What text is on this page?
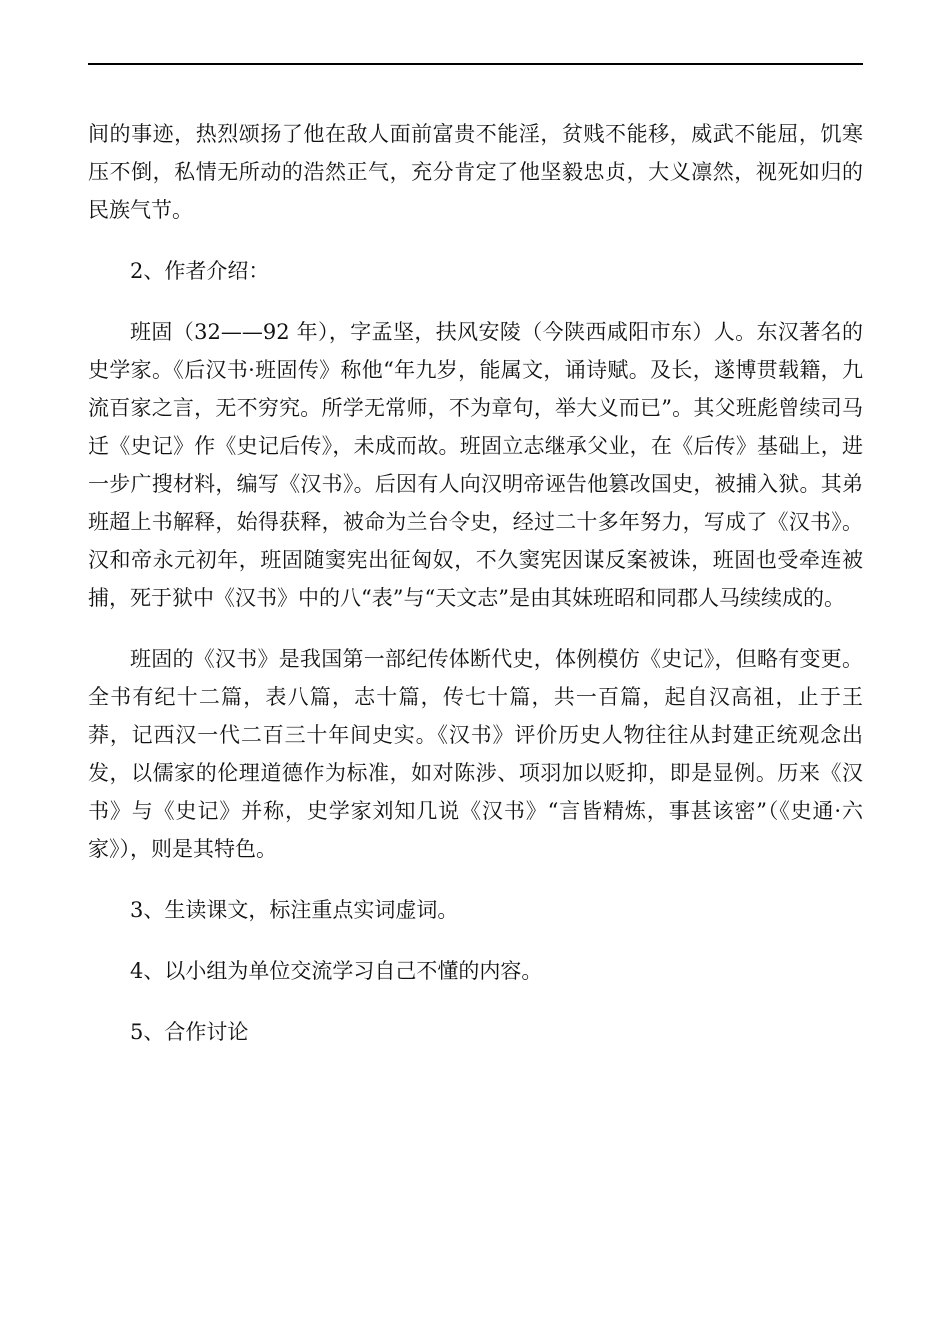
间的事迹，热烈颂扬了他在敌人面前富贵不能淫，贫贱不能移，威武不能屈，饥寒压不倒，私情无所动的浩然正气，充分肯定了他坚毅忠贞，大义凛然，视死如归的民族气节。

2、作者介绍：

班固（32——92 年），字孟坚，扶风安陵（今陕西咸阳市东）人。东汉著名的史学家。《后汉书·班固传》称他“年九岁，能属文，诵诗赋。及长，遂博贯载籍，九流百家之言，无不穷究。所学无常师，不为章句，举大义而已”。其父班彪曾续司马迁《史记》作《史记后传》，未成而故。班固立志继承父业，在《后传》基础上，进一步广搜材料，编写《汉书》。后因有人向汉明帝诬告他篡改国史，被捕入狱。其弟班超上书解释，始得获释，被命为兰台令史，经过二十多年努力，写成了《汉书》。汉和帝永元初年，班固随窦宪出征匈奴，不久窦宪因谋反案被诛，班固也受牵连被捕，死于狱中《汉书》中的八“表”与“天文志”是由其妹班昭和同郡人马续续成的。

班固的《汉书》是我国第一部纪传体断代史，体例模仿《史记》，但略有变更。全书有纪十二篇，表八篇，志十篇，传七十篇，共一百篇，起自汉高祖，止于王莽，记西汉一代二百三十年间史实。《汉书》评价历史人物往往从封建正统观念出发，以儒家的伦理道德作为标准，如对陈涉、项羽加以贬抑，即是显例。历来《汉书》与《史记》并称，史学家刘知几说《汉书》“言皆精炼，事甚该密”（《史通·六家》），则是其特色。

3、生读课文，标注重点实词虚词。

4、以小组为单位交流学习自己不懂的内容。

5、合作讨论
